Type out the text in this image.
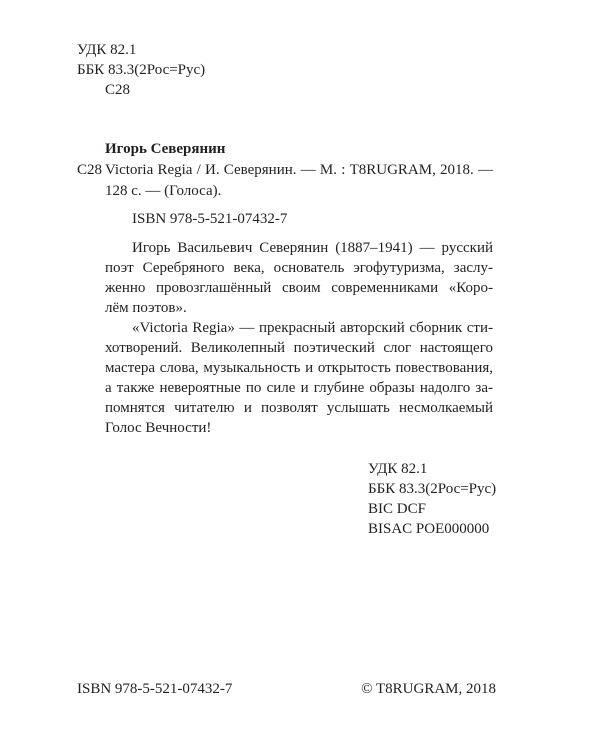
УДК 82.1
ББК 83.3(2Рос=Рус)
С28
Игорь Северянин
С28 Victoria Regia / И. Северянин. — М. : T8RUGRAM, 2018. —
128 с. — (Голоса).
ISBN 978-5-521-07432-7
Игорь Васильевич Северянин (1887–1941) — русский
поэт Серебряного века, основатель эгофутуризма, заслу-
женно провозглашённый своим современниками «Коро-
лём поэтов».
«Victoria Regia» — прекрасный авторский сборник сти-
хотворений. Великолепный поэтический слог настоящего
мастера слова, музыкальность и открытость повествования,
а также невероятные по силе и глубине образы надолго за-
помнятся читателю и позволят услышать несмолкаемый
Голос Вечности!
УДК 82.1
ББК 83.3(2Рос=Рус)
BIC DCF
BISAC POE000000
ISBN 978-5-521-07432-7	© T8RUGRAM, 2018
